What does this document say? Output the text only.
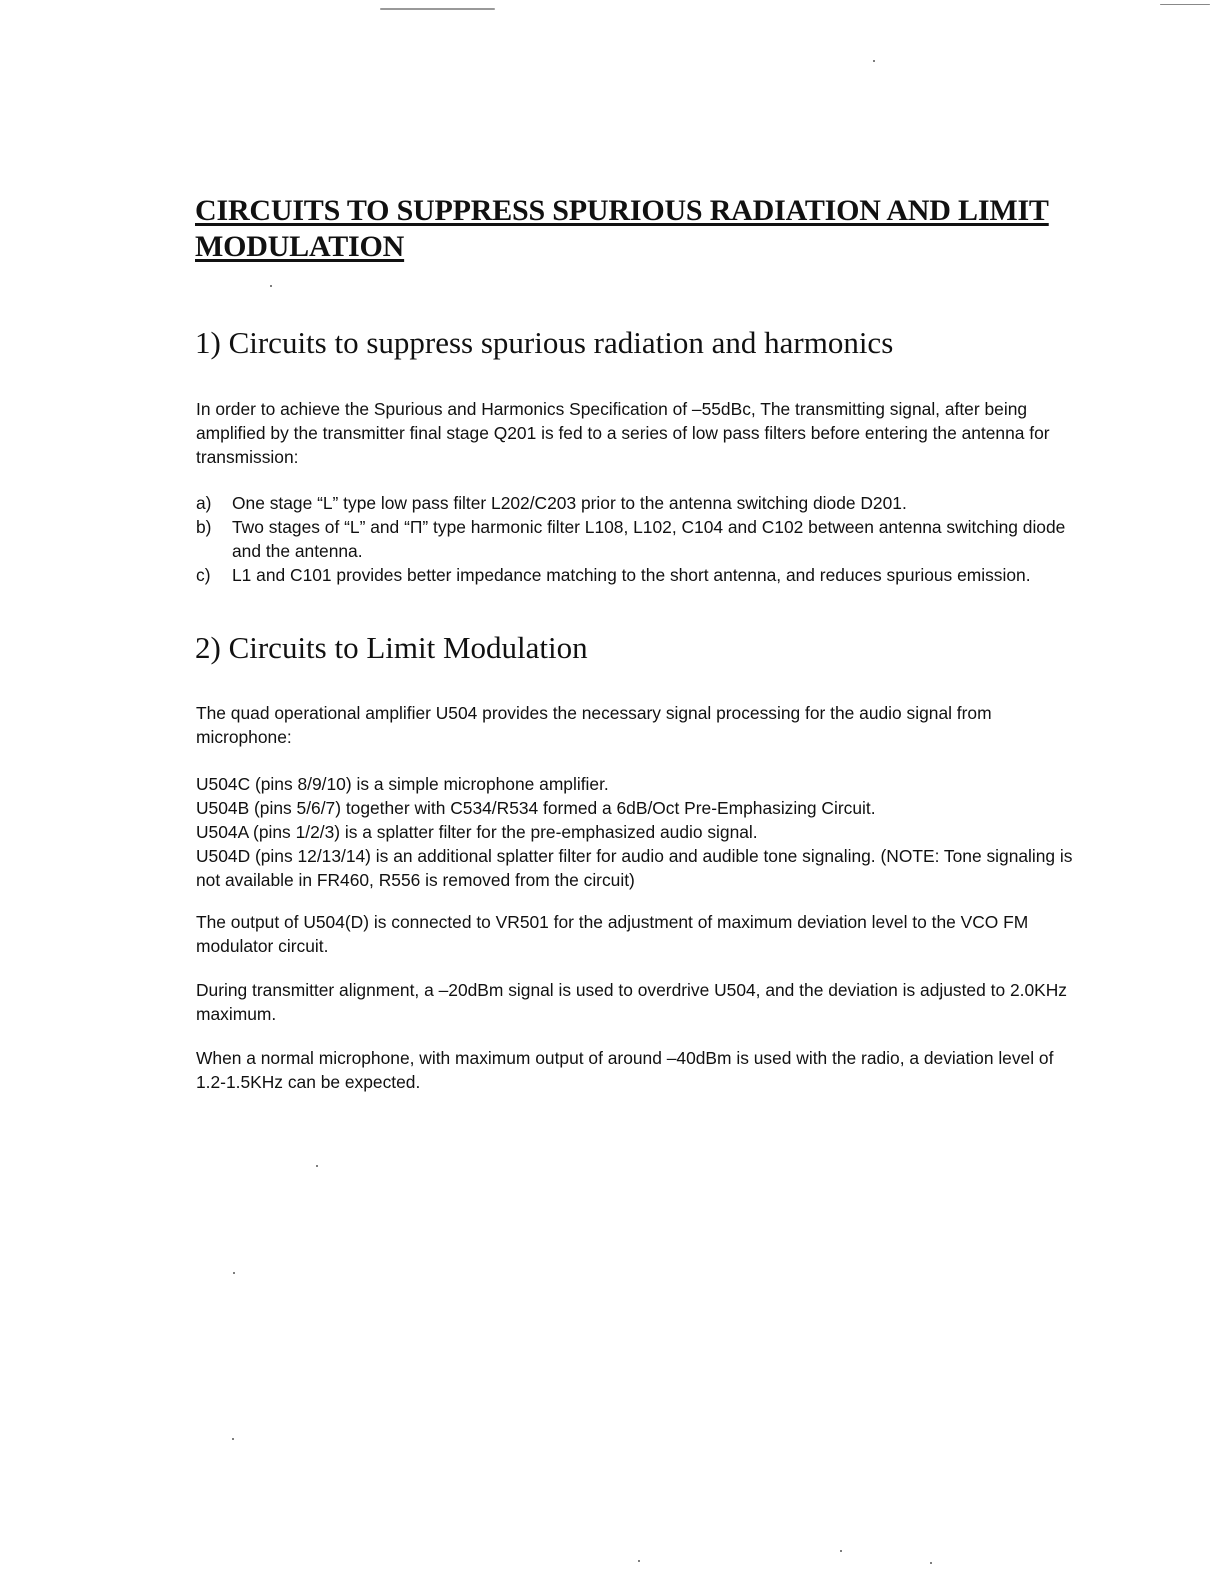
CIRCUITS TO SUPPRESS SPURIOUS RADIATION AND LIMIT MODULATION
1) Circuits to suppress spurious radiation and harmonics

In order to achieve the Spurious and Harmonics Specification of –55dBc, The transmitting signal, after being amplified by the transmitter final stage Q201 is fed to a series of low pass filters before entering the antenna for transmission:

a) One stage “L” type low pass filter L202/C203 prior to the antenna switching diode D201.
b) Two stages of “L” and “Π” type harmonic filter L108, L102, C104 and C102 between antenna switching diode and the antenna.
c) L1 and C101 provides better impedance matching to the short antenna, and reduces spurious emission.
2) Circuits to Limit Modulation

The quad operational amplifier U504 provides the necessary signal processing for the audio signal from microphone:

U504C (pins 8/9/10) is a simple microphone amplifier.

U504B (pins 5/6/7) together with C534/R534 formed a 6dB/Oct Pre-Emphasizing Circuit.

U504A (pins 1/2/3) is a splatter filter for the pre-emphasized audio signal.

U504D (pins 12/13/14) is an additional splatter filter for audio and audible tone signaling. (NOTE: Tone signaling is not available in FR460, R556 is removed from the circuit)

The output of U504(D) is connected to VR501 for the adjustment of maximum deviation level to the VCO FM modulator circuit.

During transmitter alignment, a –20dBm signal is used to overdrive U504, and the deviation is adjusted to 2.0KHz maximum.

When a normal microphone, with maximum output of around –40dBm is used with the radio, a deviation level of 1.2-1.5KHz can be expected.
